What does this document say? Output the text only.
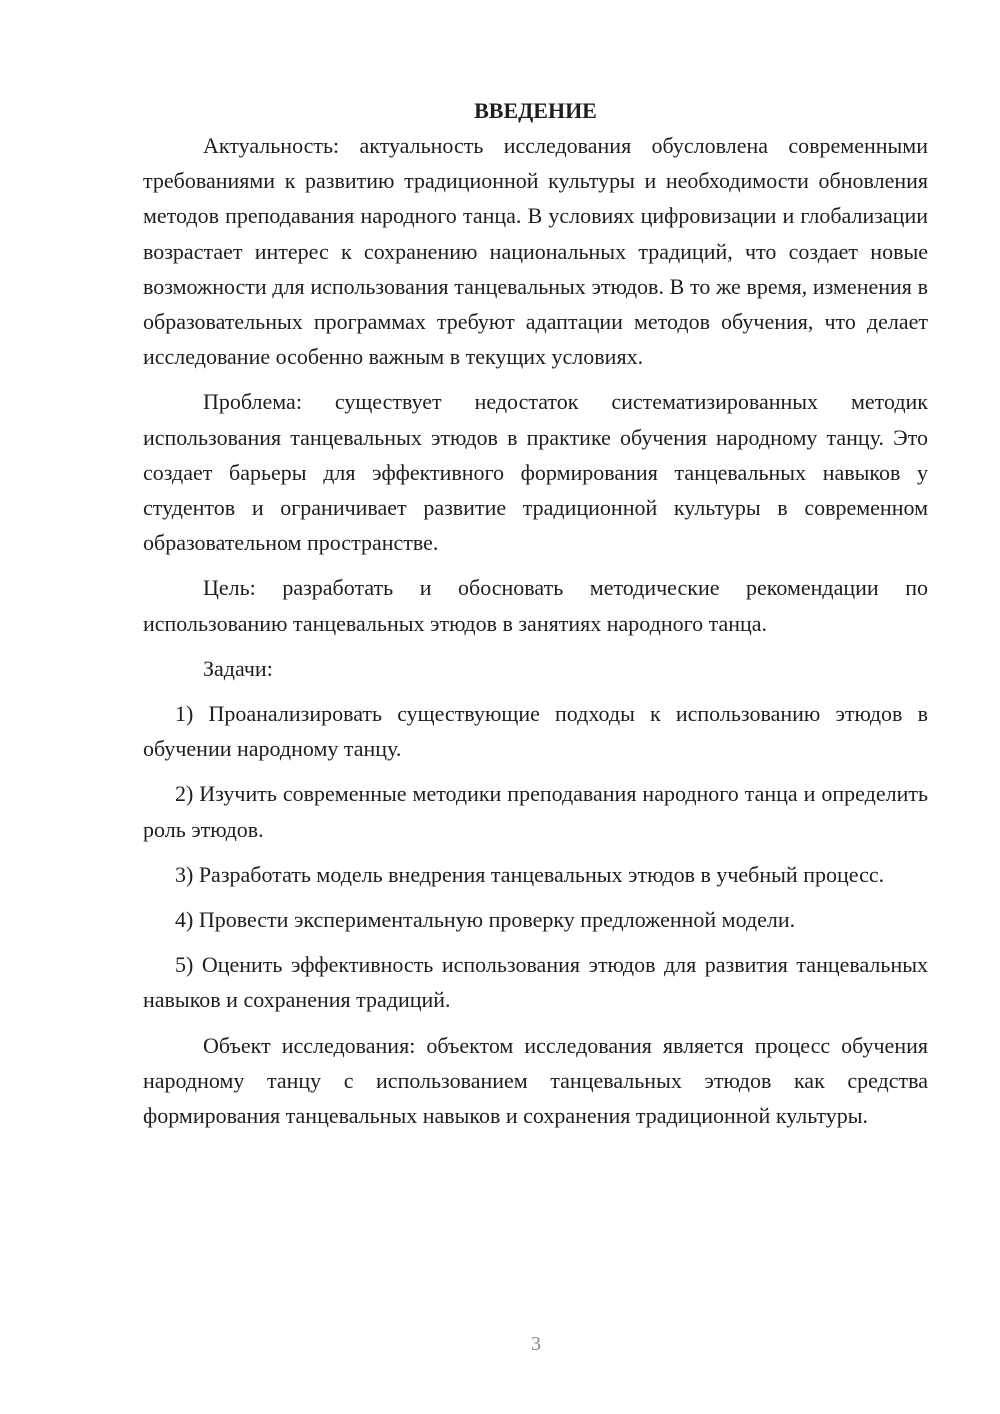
ВВЕДЕНИЕ

Актуальность: актуальность исследования обусловлена современными требованиями к развитию традиционной культуры и необходимости обновления методов преподавания народного танца. В условиях цифровизации и глобализации возрастает интерес к сохранению национальных традиций, что создает новые возможности для использования танцевальных этюдов. В то же время, изменения в образовательных программах требуют адаптации методов обучения, что делает исследование особенно важным в текущих условиях.

Проблема: существует недостаток систематизированных методик использования танцевальных этюдов в практике обучения народному танцу. Это создает барьеры для эффективного формирования танцевальных навыков у студентов и ограничивает развитие традиционной культуры в современном образовательном пространстве.

Цель: разработать и обосновать методические рекомендации по использованию танцевальных этюдов в занятиях народного танца.

Задачи:

1) Проанализировать существующие подходы к использованию этюдов в обучении народному танцу.

2) Изучить современные методики преподавания народного танца и определить роль этюдов.

3) Разработать модель внедрения танцевальных этюдов в учебный процесс.

4) Провести экспериментальную проверку предложенной модели.

5) Оценить эффективность использования этюдов для развития танцевальных навыков и сохранения традиций.

Объект исследования: объектом исследования является процесс обучения народному танцу с использованием танцевальных этюдов как средства формирования танцевальных навыков и сохранения традиционной культуры.

3
